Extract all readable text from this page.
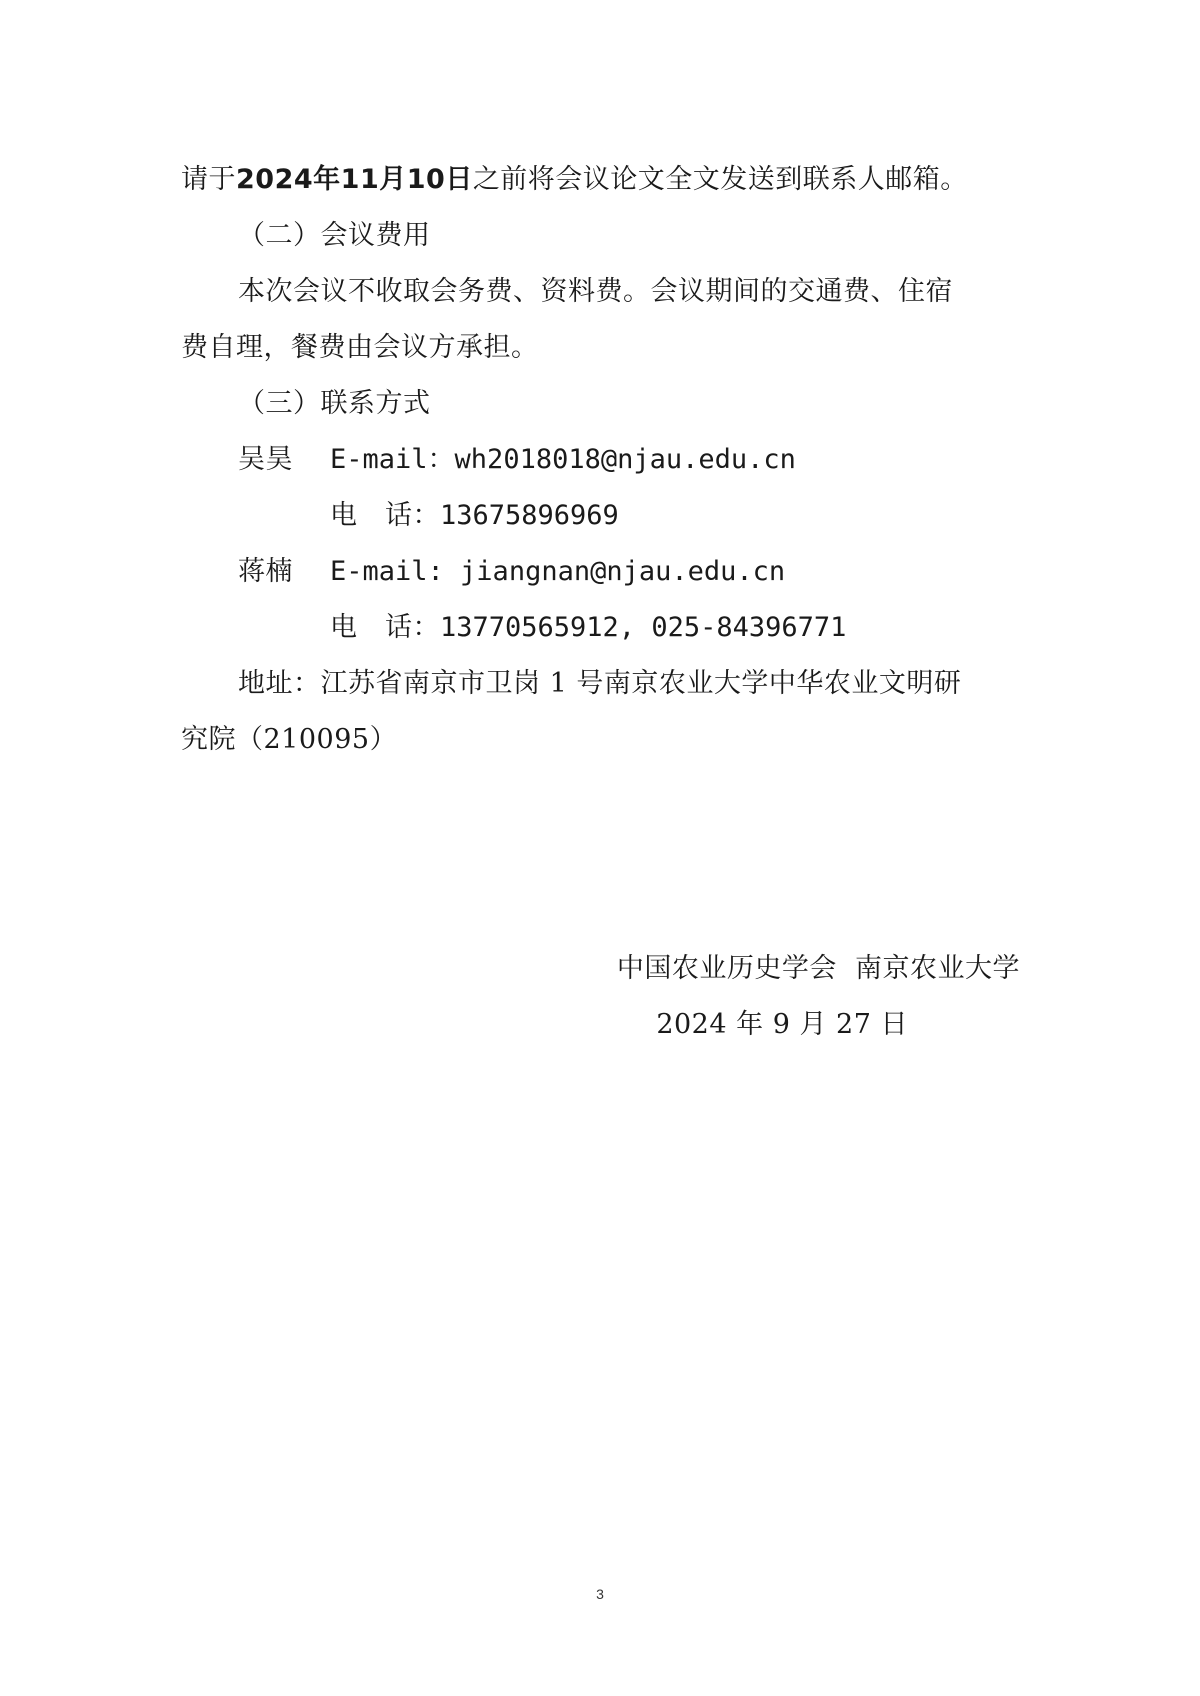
请于2024年11月10日之前将会议论文全文发送到联系人邮箱。
（二）会议费用
本次会议不收取会务费、资料费。会议期间的交通费、住宿
费自理，餐费由会议方承担。
（三）联系方式
吴昊 E-mail：wh2018018@njau.edu.cn
电　话：13675896969
蒋楠 E-mail: jiangnan@njau.edu.cn
电　话：13770565912, 025-84396771
地址：江苏省南京市卫岗 1 号南京农业大学中华农业文明研
究院（210095）
中国农业历史学会  南京农业大学
2024 年 9 月 27 日
3
